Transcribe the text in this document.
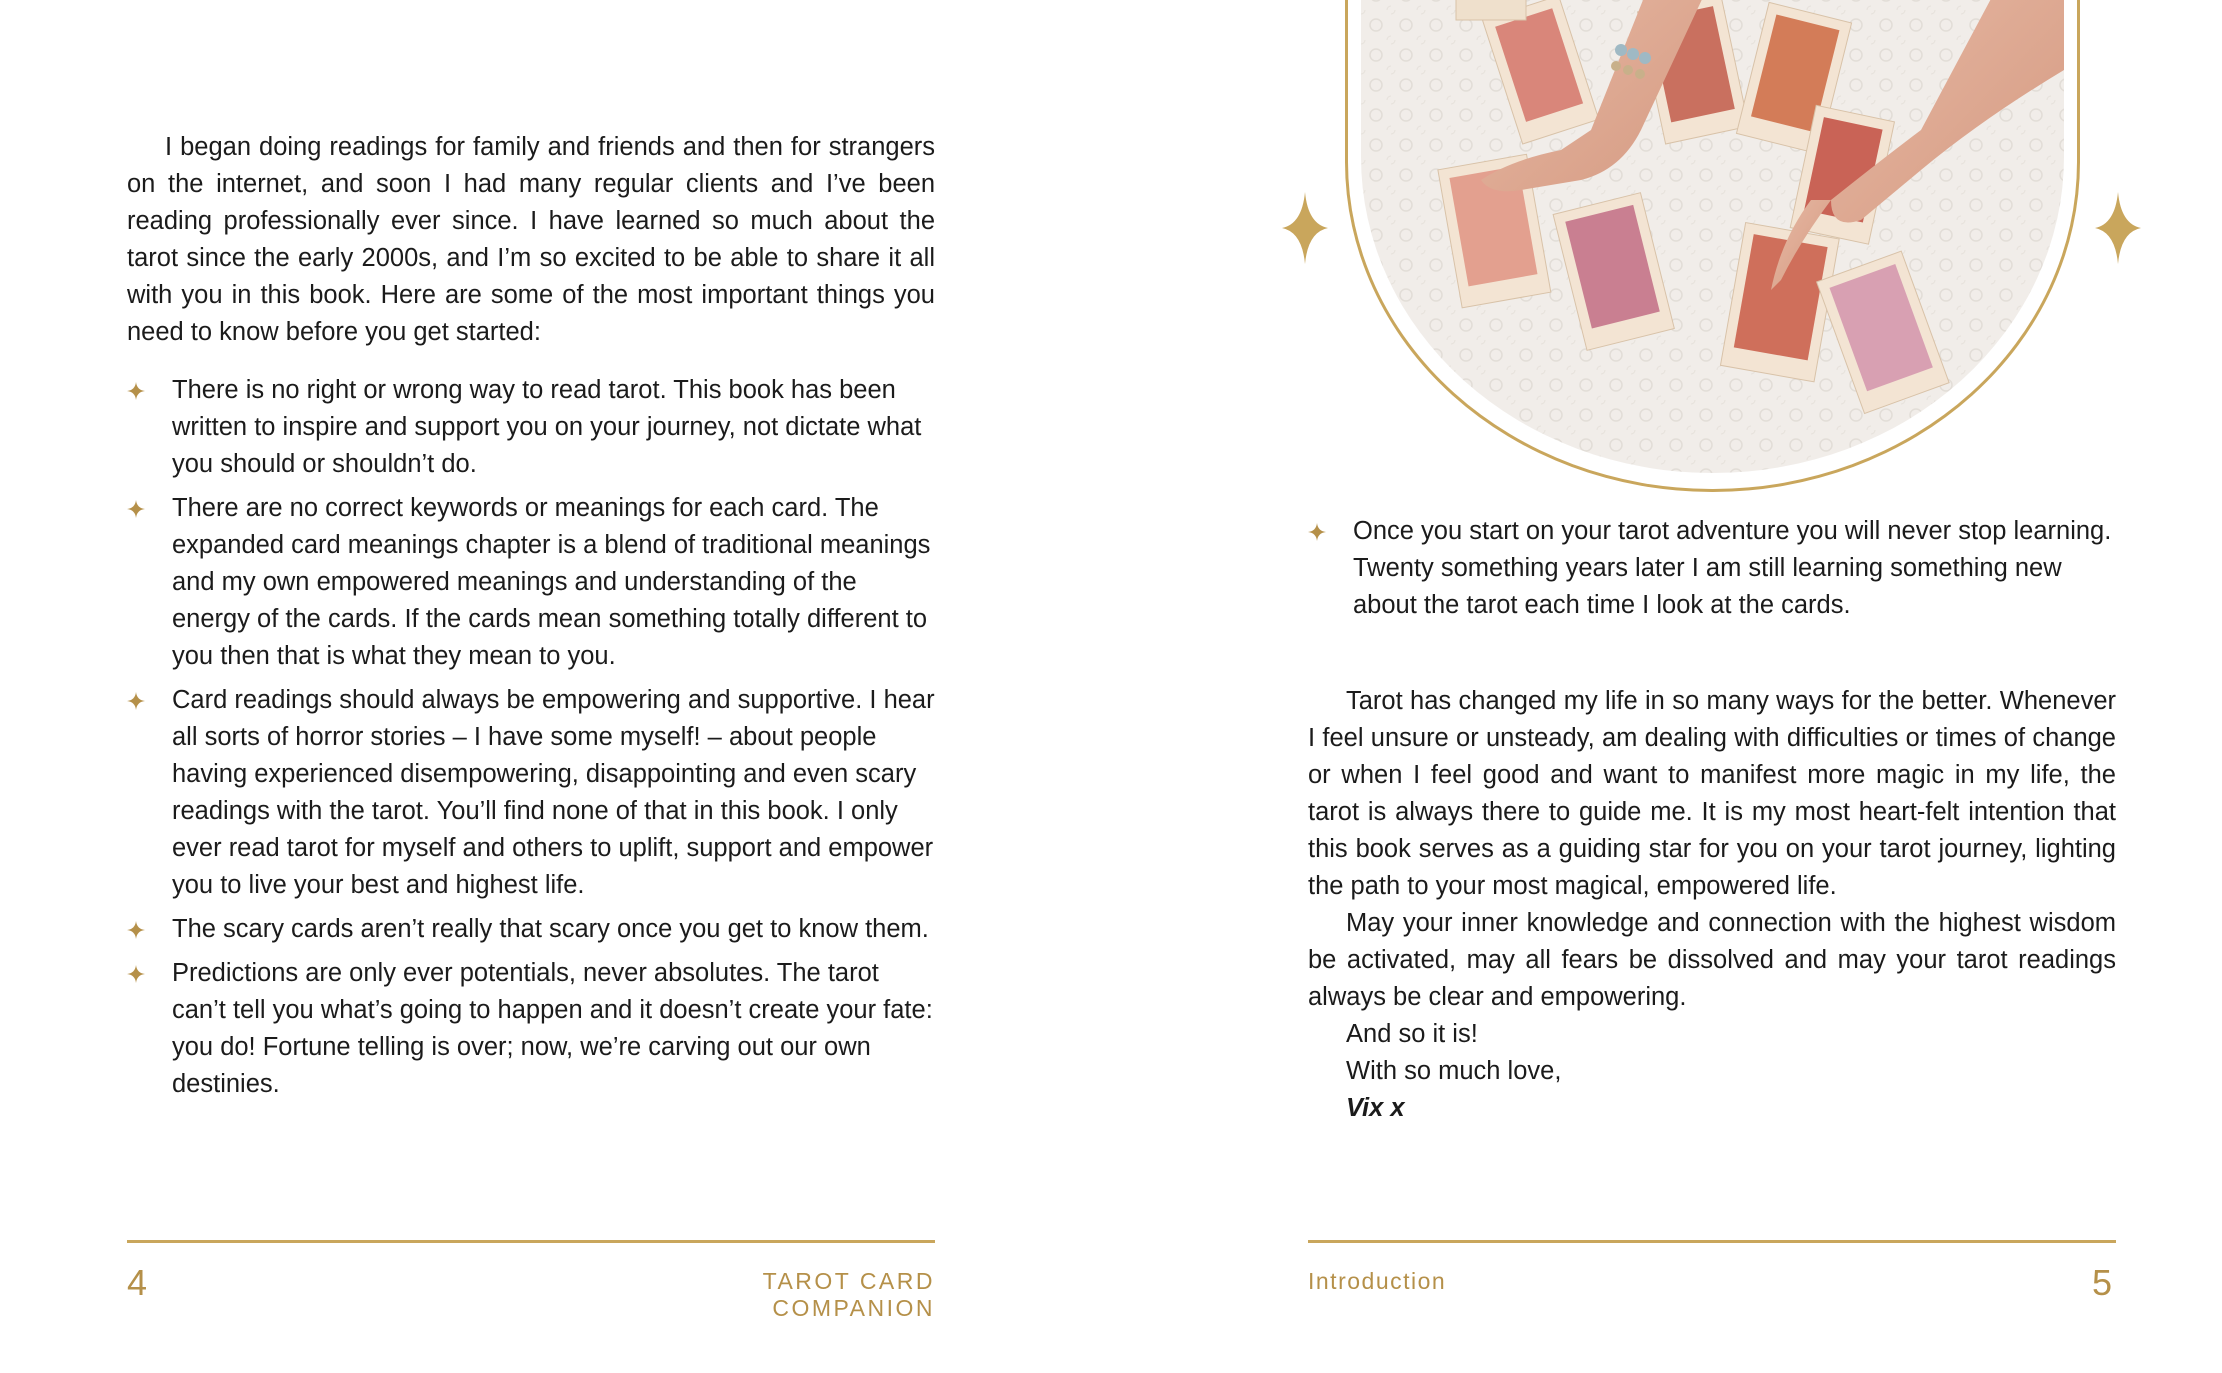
I began doing readings for family and friends and then for strangers on the internet, and soon I had many regular clients and I’ve been reading professionally ever since. I have learned so much about the tarot since the early 2000s, and I’m so excited to be able to share it all with you in this book. Here are some of the most important things you need to know before you get started:

There is no right or wrong way to read tarot. This book has been written to inspire and support you on your journey, not dictate what you should or shouldn’t do.
There are no correct keywords or meanings for each card. The expanded card meanings chapter is a blend of traditional meanings and my own empowered meanings and understanding of the energy of the cards. If the cards mean something totally different to you then that is what they mean to you.
Card readings should always be empowering and supportive. I hear all sorts of horror stories – I have some myself! – about people having experienced disempowering, disappointing and even scary readings with the tarot. You’ll find none of that in this book. I only ever read tarot for myself and others to uplift, support and empower you to live your best and highest life.
The scary cards aren’t really that scary once you get to know them.
Predictions are only ever potentials, never absolutes. The tarot can’t tell you what’s going to happen and it doesn’t create your fate: you do! Fortune telling is over; now, we’re carving out our own destinies.
4	TAROT CARD COMPANION
Once you start on your tarot adventure you will never stop learning. Twenty something years later I am still learning something new about the tarot each time I look at the cards.

Tarot has changed my life in so many ways for the better. Whenever I feel unsure or unsteady, am dealing with difficulties or times of change or when I feel good and want to manifest more magic in my life, the tarot is always there to guide me. It is my most heart-felt intention that this book serves as a guiding star for you on your tarot journey, lighting the path to your most magical, empowered life.

May your inner knowledge and connection with the highest wisdom be activated, may all fears be dissolved and may your tarot readings always be clear and empowering.

And so it is!

With so much love,

Vix x

Introduction	5
